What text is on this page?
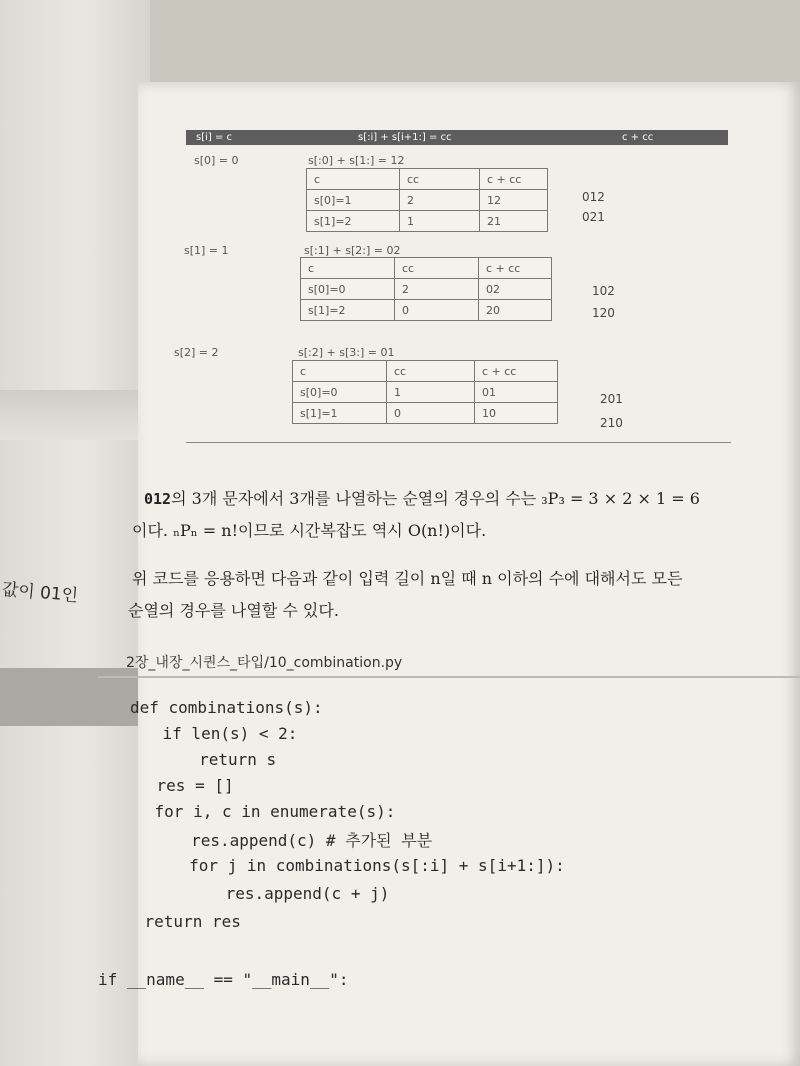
값이 01인
s[i] = c	s[:i] + s[i+1:] = cc	c + cc
s[0] = 0	s[:0] + s[1:] = 12
c	cc	c + cc
s[0]=1	2	12
s[1]=2	1	21
012
021
s[1] = 1	s[:1] + s[2:] = 02
c	cc	c + cc
s[0]=0	2	02
s[1]=2	0	20
102
120
s[2] = 2	s[:2] + s[3:] = 01
c	cc	c + cc
s[0]=0	1	01
s[1]=1	0	10
201
210
012의 3개 문자에서 3개를 나열하는 순열의 경우의 수는 ₃P₃ = 3 × 2 × 1 = 6
이다. ₙPₙ = n!이므로 시간복잡도 역시 O(n!)이다.
위 코드를 응용하면 다음과 같이 입력 길이 n일 때 n 이하의 수에 대해서도 모든
순열의 경우를 나열할 수 있다.
2장_내장_시퀀스_타입/10_combination.py
def combinations(s):
if len(s) < 2:
return s
res = []
for i, c in enumerate(s):
res.append(c) # 추가된 부분
for j in combinations(s[:i] + s[i+1:]):
res.append(c + j)
return res
if __name__ == "__main__":
